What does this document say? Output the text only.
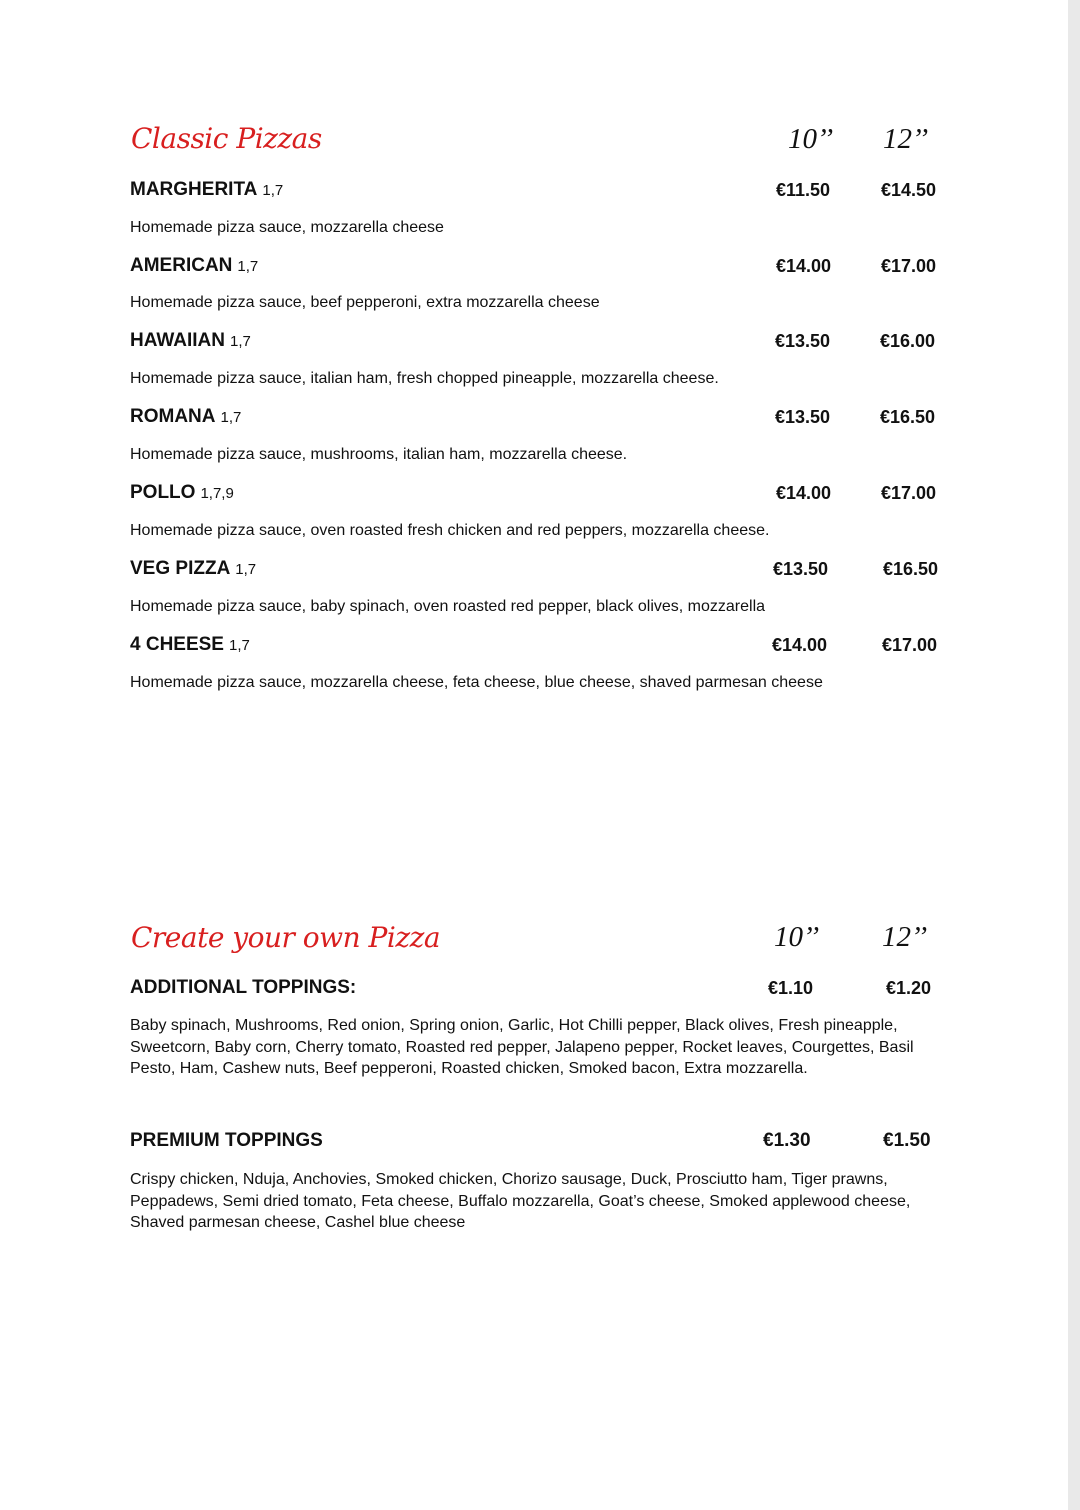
Classic Pizzas	10’’ 12’’
MARGHERITA 1,7	€11.50	€14.50
Homemade pizza sauce, mozzarella cheese
AMERICAN 1,7	€14.00	€17.00
Homemade pizza sauce, beef pepperoni, extra mozzarella cheese
HAWAIIAN 1,7	€13.50	€16.00
Homemade pizza sauce, italian ham, fresh chopped pineapple, mozzarella cheese.
ROMANA 1,7	€13.50	€16.50
Homemade pizza sauce, mushrooms, italian ham, mozzarella cheese.
POLLO 1,7,9	€14.00	€17.00
Homemade pizza sauce, oven roasted fresh chicken and red peppers, mozzarella cheese.
VEG PIZZA 1,7	€13.50	€16.50
Homemade pizza sauce, baby spinach, oven roasted red pepper, black olives, mozzarella
4 CHEESE 1,7	€14.00	€17.00
Homemade pizza sauce, mozzarella cheese, feta cheese, blue cheese, shaved parmesan cheese
Create your own Pizza	10’’ 12’’
ADDITIONAL TOPPINGS:	€1.10	€1.20
Baby spinach, Mushrooms, Red onion, Spring onion, Garlic, Hot Chilli pepper, Black olives, Fresh pineapple, Sweetcorn, Baby corn, Cherry tomato, Roasted red pepper, Jalapeno pepper, Rocket leaves, Courgettes, Basil Pesto, Ham, Cashew nuts, Beef pepperoni, Roasted chicken, Smoked bacon, Extra mozzarella.
PREMIUM TOPPINGS	€1.30	€1.50
Crispy chicken, Nduja, Anchovies, Smoked chicken, Chorizo sausage, Duck, Prosciutto ham, Tiger prawns, Peppadews, Semi dried tomato, Feta cheese, Buffalo mozzarella, Goat’s cheese, Smoked applewood cheese, Shaved parmesan cheese, Cashel blue cheese
